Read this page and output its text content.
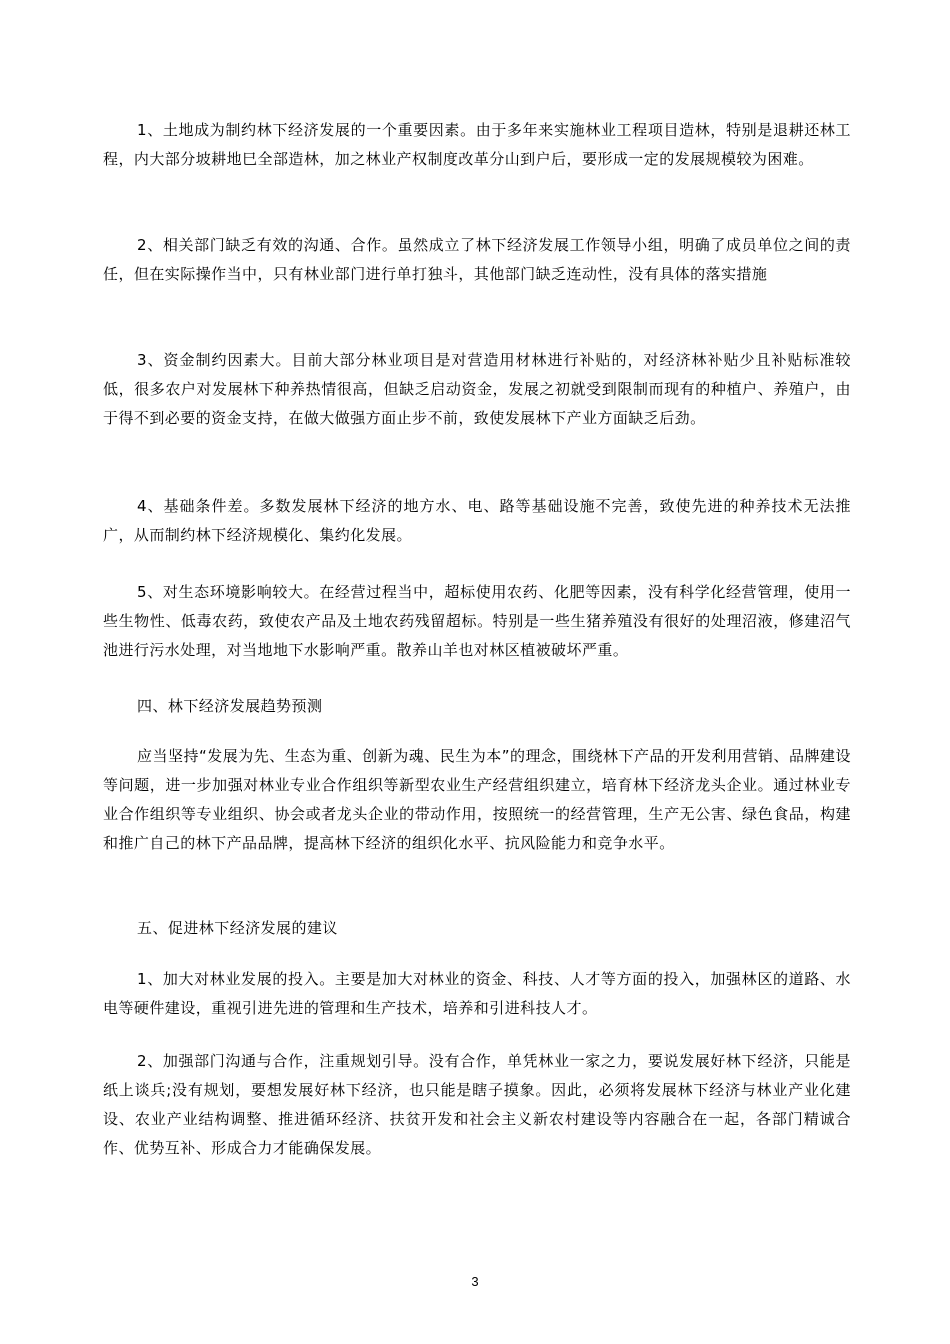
1、土地成为制约林下经济发展的一个重要因素。由于多年来实施林业工程项目造林，特别是退耕还林工程，内大部分坡耕地巳全部造林，加之林业产权制度改革分山到户后，要形成一定的发展规模较为困难。

2、相关部门缺乏有效的沟通、合作。虽然成立了林下经济发展工作领导小组，明确了成员单位之间的责任，但在实际操作当中，只有林业部门进行单打独斗，其他部门缺乏连动性，没有具体的落实措施

3、资金制约因素大。目前大部分林业项目是对营造用材林进行补贴的，对经济林补贴少且补贴标准较低，很多农户对发展林下种养热情很高，但缺乏启动资金，发展之初就受到限制而现有的种植户、养殖户，由于得不到必要的资金支持，在做大做强方面止步不前，致使发展林下产业方面缺乏后劲。

4、基础条件差。多数发展林下经济的地方水、电、路等基础设施不完善，致使先进的种养技术无法推广，从而制约林下经济规模化、集约化发展。

5、对生态环境影响较大。在经营过程当中，超标使用农药、化肥等因素，没有科学化经营管理，使用一些生物性、低毒农药，致使农产品及土地农药残留超标。特别是一些生猪养殖没有很好的处理沼液，修建沼气池进行污水处理，对当地地下水影响严重。散养山羊也对林区植被破坏严重。

四、林下经济发展趋势预测

应当坚持“发展为先、生态为重、创新为魂、民生为本”的理念，围绕林下产品的开发利用营销、品牌建设等问题，进一步加强对林业专业合作组织等新型农业生产经营组织建立，培育林下经济龙头企业。通过林业专业合作组织等专业组织、协会或者龙头企业的带动作用，按照统一的经营管理，生产无公害、绿色食品，构建和推广自己的林下产品品牌，提高林下经济的组织化水平、抗风险能力和竞争水平。

五、促进林下经济发展的建议

1、加大对林业发展的投入。主要是加大对林业的资金、科技、人才等方面的投入，加强林区的道路、水电等硬件建设，重视引进先进的管理和生产技术，培养和引进科技人才。

2、加强部门沟通与合作，注重规划引导。没有合作，单凭林业一家之力，要说发展好林下经济，只能是纸上谈兵;没有规划，要想发展好林下经济，也只能是瞎子摸象。因此，必须将发展林下经济与林业产业化建设、农业产业结构调整、推进循环经济、扶贫开发和社会主义新农村建设等内容融合在一起，各部门精诚合作、优势互补、形成合力才能确保发展。

3
